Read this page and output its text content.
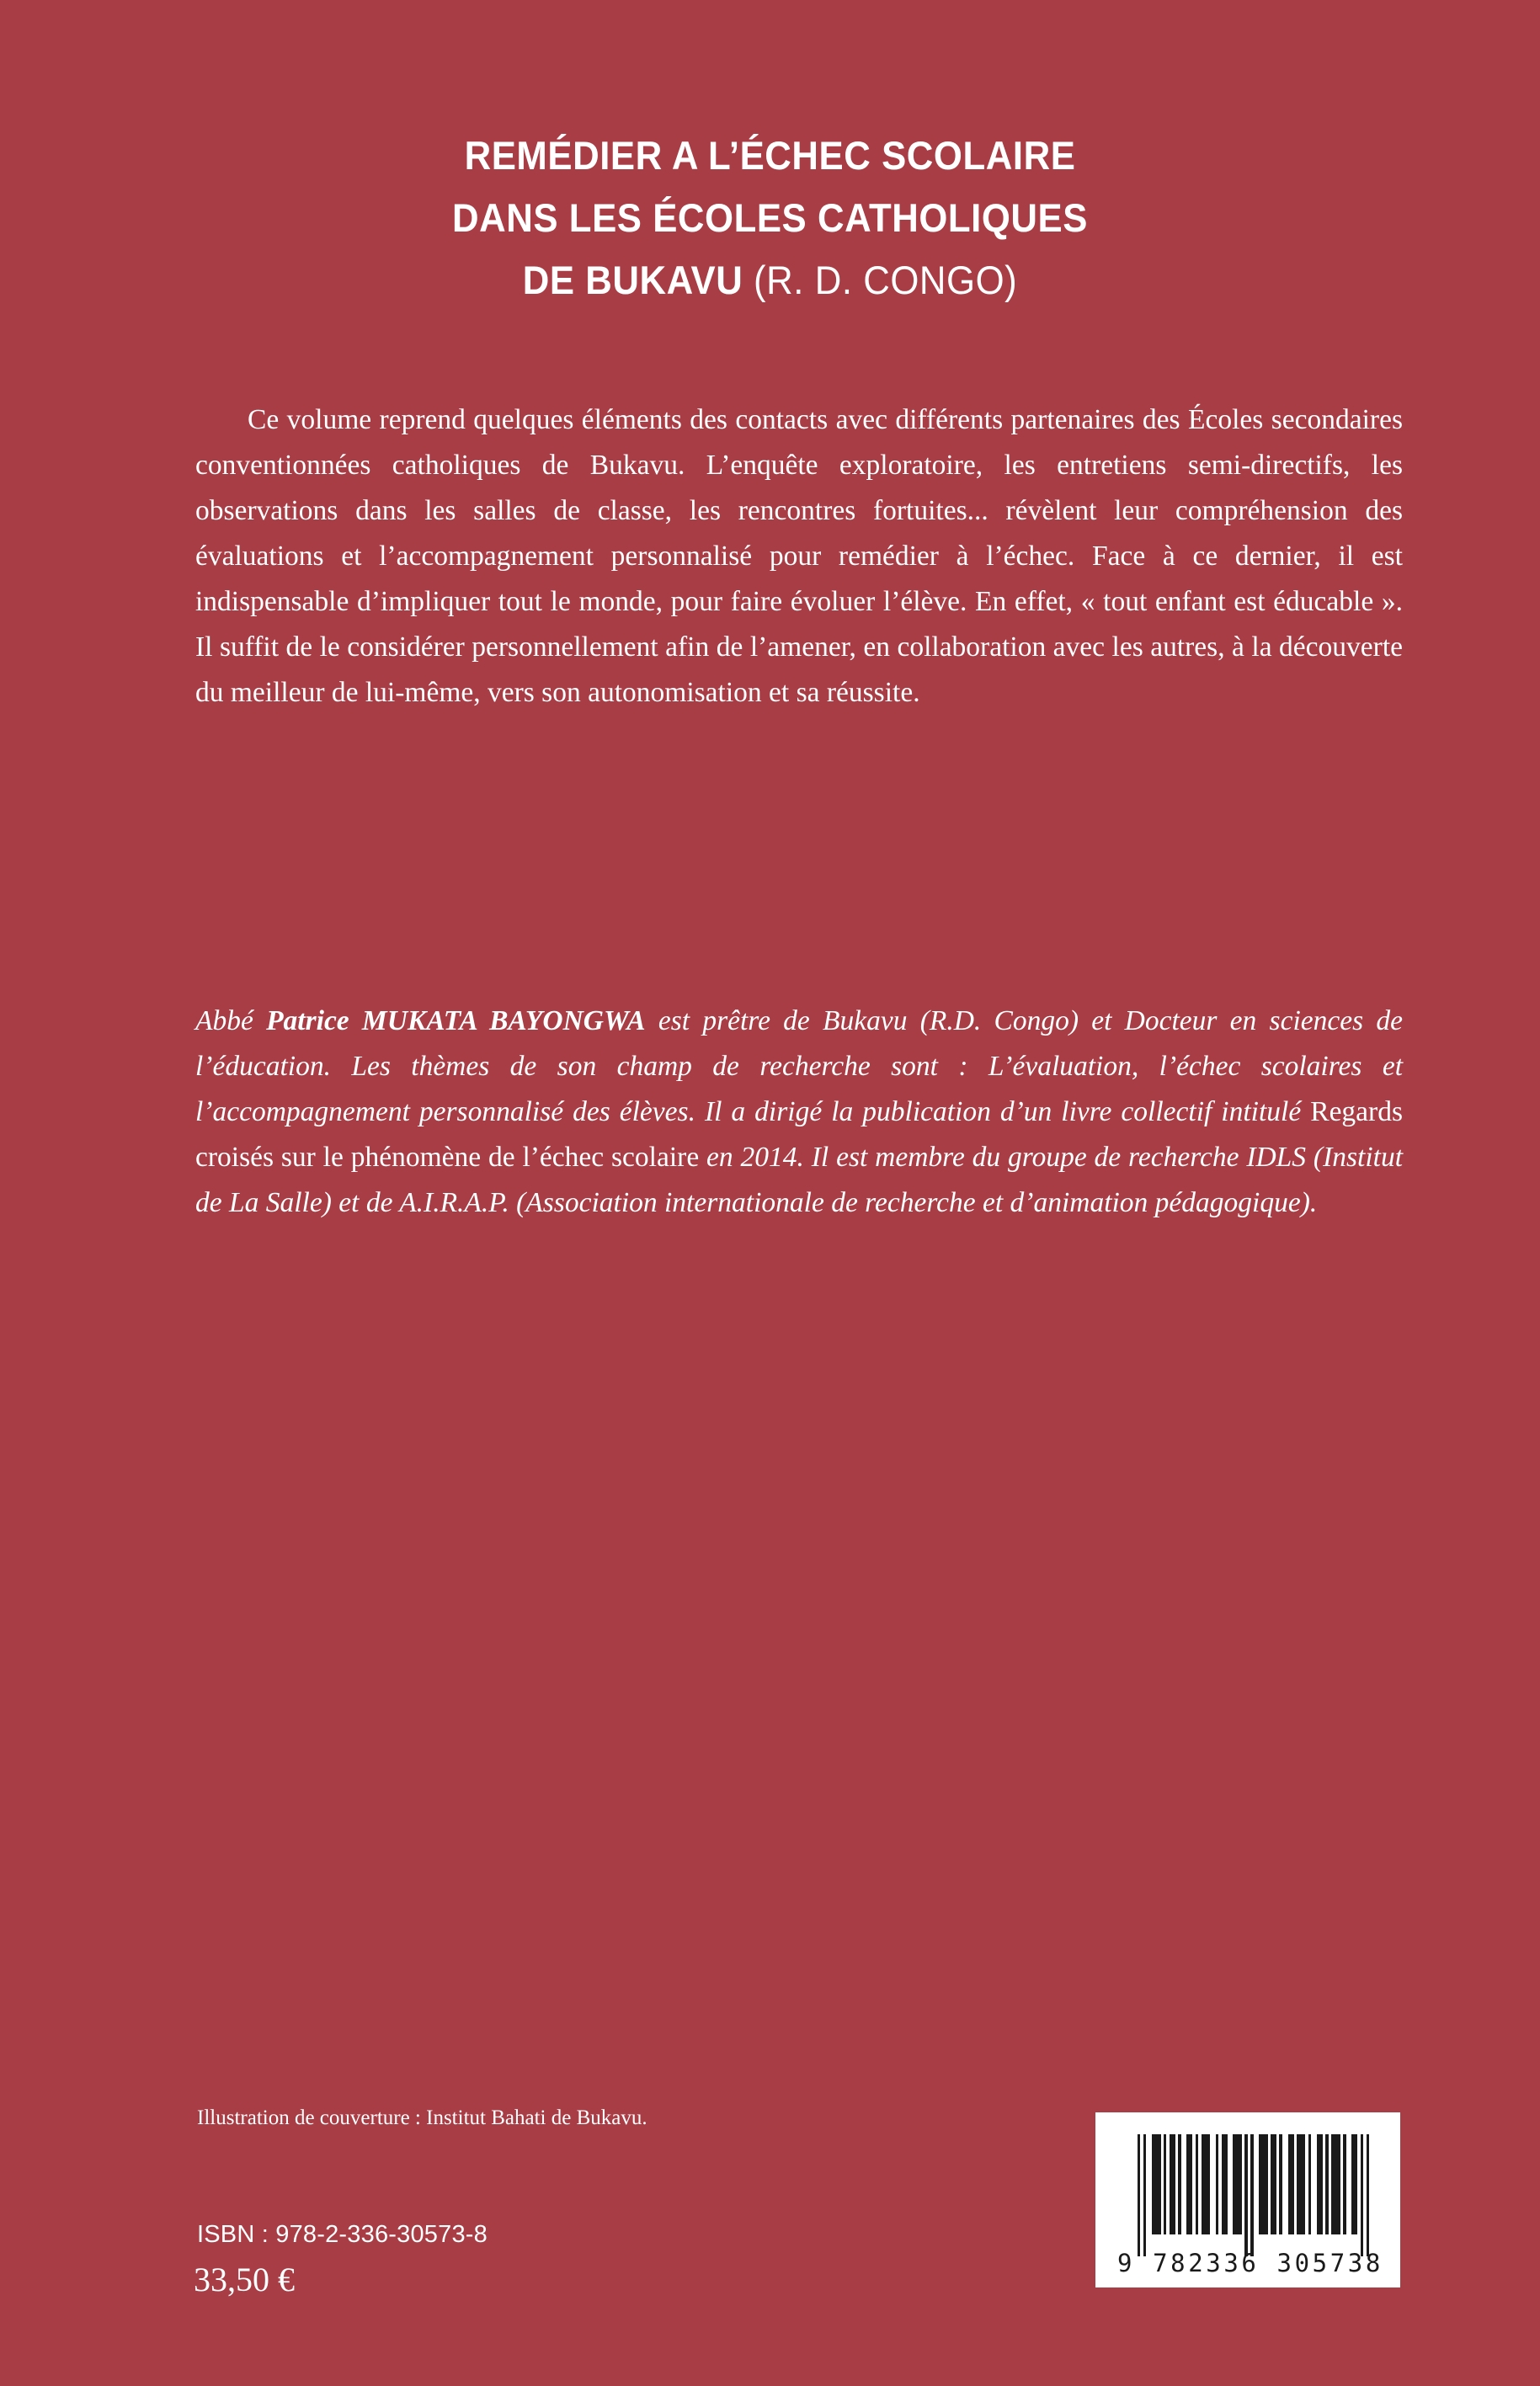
REMÉDIER A L’ÉCHEC SCOLAIRE
DANS LES ÉCOLES CATHOLIQUES
DE BUKAVU (R. D. CONGO)

Ce volume reprend quelques éléments des contacts avec différents partenaires des Écoles secondaires conventionnées catholiques de Bukavu. L’enquête exploratoire, les entretiens semi-directifs, les observations dans les salles de classe, les rencontres fortuites... révèlent leur compréhension des évaluations et l’accompagnement personnalisé pour remédier à l’échec. Face à ce dernier, il est indispensable d’impliquer tout le monde, pour faire évoluer l’élève. En effet, « tout enfant est éducable ». Il suffit de le considérer personnellement afin de l’amener, en collaboration avec les autres, à la découverte du meilleur de lui-même, vers son autonomisation et sa réussite.

Abbé Patrice MUKATA BAYONGWA est prêtre de Bukavu (R.D. Congo) et Docteur en sciences de l’éducation. Les thèmes de son champ de recherche sont : L’évaluation, l’échec scolaires et l’accompagnement personnalisé des élèves. Il a dirigé la publication d’un livre collectif intitulé Regards croisés sur le phénomène de l’échec scolaire en 2014. Il est membre du groupe de recherche IDLS (Institut de La Salle) et de A.I.R.A.P. (Association internationale de recherche et d’animation pédagogique).

Illustration de couverture : Institut Bahati de Bukavu.
ISBN : 978-2-336-30573-8
33,50 €	9 782336 305738
